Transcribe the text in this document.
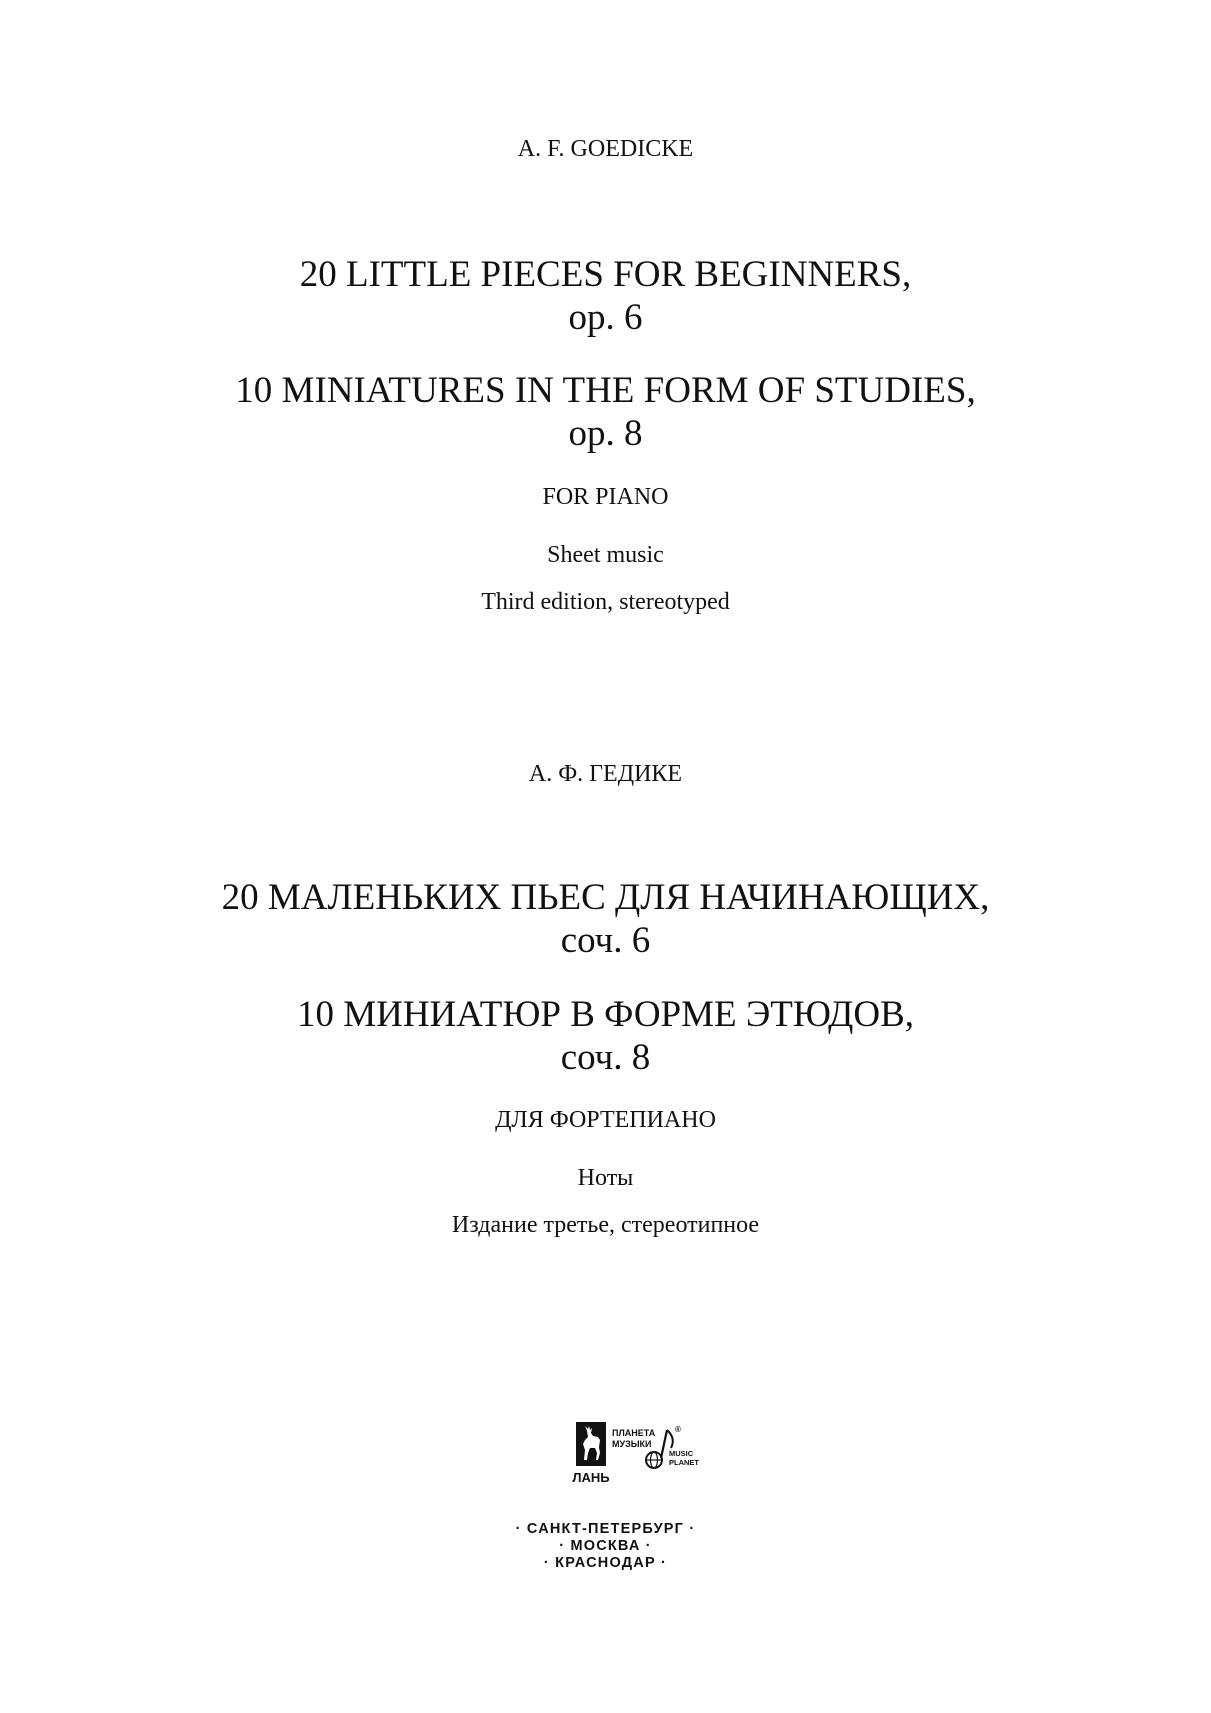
A. F. GOEDICKE

20 LITTLE PIECES FOR BEGINNERS,

op. 6

10 MINIATURES IN THE FORM OF STUDIES,

op. 8

FOR PIANO

Sheet music

Third edition, stereotyped

А. Ф. ГЕДИКЕ

20 МАЛЕНЬКИХ ПЬЕС ДЛЯ НАЧИНАЮЩИХ,

соч. 6

10 МИНИАТЮР В ФОРМЕ ЭТЮДОВ,

соч. 8

ДЛЯ ФОРТЕПИАНО

Ноты

Издание третье, стереотипное

ЛАНЬ
ПЛАНЕТА
МУЗЫКИ
®
MUSIC
PLANET

· САНКТ-ПЕТЕРБУРГ ·

· МОСКВА ·

· КРАСНОДАР ·
